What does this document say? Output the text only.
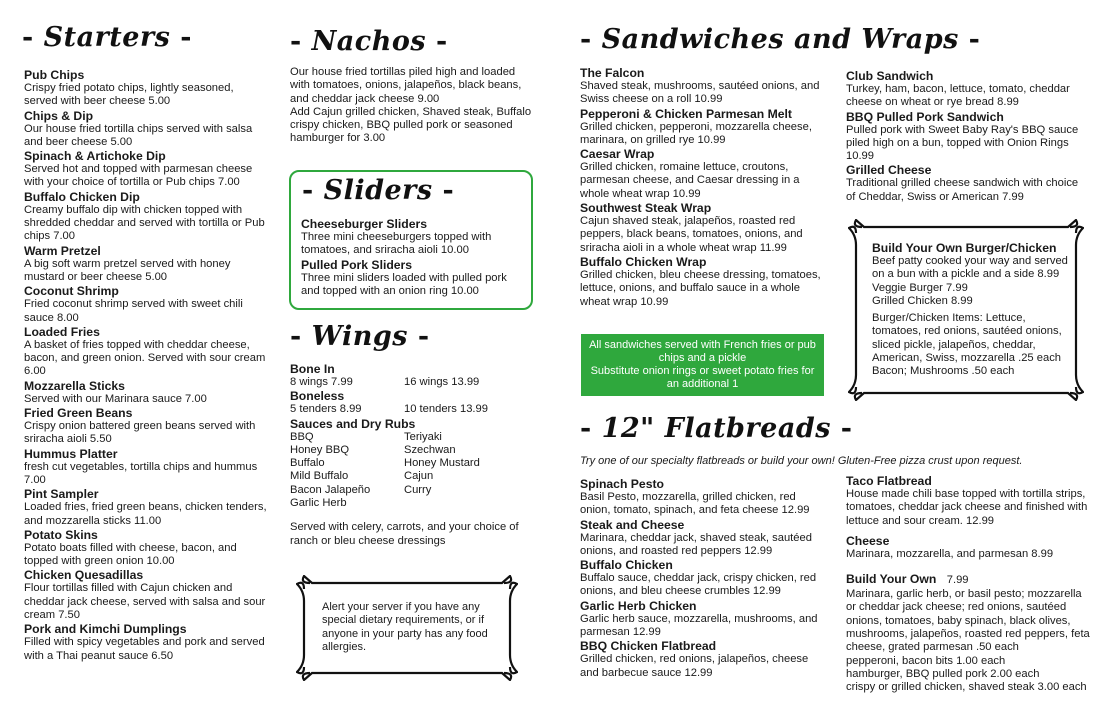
- Starters -
Pub Chips
Crispy fried potato chips, lightly seasoned, served with beer cheese 5.00
Chips & Dip
Our house fried tortilla chips served with salsa and beer cheese 5.00
Spinach & Artichoke Dip
Served hot and topped with parmesan cheese with your choice of tortilla or Pub chips 7.00
Buffalo Chicken Dip
Creamy buffalo dip with chicken topped with shredded cheddar and served with tortilla or Pub chips 7.00
Warm Pretzel
A big soft warm pretzel served with honey mustard or beer cheese 5.00
Coconut Shrimp
Fried coconut shrimp served with sweet chili sauce 8.00
Loaded Fries
A basket of fries topped with cheddar cheese, bacon, and green onion. Served with sour cream 6.00
Mozzarella Sticks
Served with our Marinara sauce 7.00
Fried Green Beans
Crispy onion battered green beans served with sriracha aioli 5.50
Hummus Platter
fresh cut vegetables, tortilla chips and hummus 7.00
Pint Sampler
Loaded fries, fried green beans, chicken tenders, and mozzarella sticks 11.00
Potato Skins
Potato boats filled with cheese, bacon, and topped with green onion 10.00
Chicken Quesadillas
Flour tortillas filled with Cajun chicken and cheddar jack cheese, served with salsa and sour cream 7.50
Pork and Kimchi Dumplings
Filled with spicy vegetables and pork and served with a Thai peanut sauce 6.50
- Nachos -
Our house fried tortillas piled high and loaded with tomatoes, onions, jalapeños, black beans, and cheddar jack cheese 9.00
Add Cajun grilled chicken, Shaved steak, Buffalo crispy chicken, BBQ pulled pork or seasoned hamburger for 3.00
- Sliders -
Cheeseburger Sliders
Three mini cheeseburgers topped with tomatoes, and sriracha aioli 10.00
Pulled Pork Sliders
Three mini sliders loaded with pulled pork and topped with an onion ring 10.00
- Wings -
Bone In
8 wings 7.99	16 wings 13.99
Boneless
5 tenders 8.99	10 tenders 13.99
Sauces and Dry Rubs
BBQ
Honey BBQ
Buffalo
Mild Buffalo
Bacon Jalapeño
Garlic Herb
Teriyaki
Szechwan
Honey Mustard
Cajun
Curry
Served with celery, carrots, and your choice of ranch or bleu cheese dressings
Alert your server if you have any special dietary requirements, or if anyone in your party has any food allergies.
- Sandwiches and Wraps -
The Falcon
Shaved steak, mushrooms, sautéed onions, and Swiss cheese on a roll 10.99
Pepperoni & Chicken Parmesan Melt
Grilled chicken, pepperoni, mozzarella cheese, marinara, on grilled rye 10.99
Caesar Wrap
Grilled chicken, romaine lettuce, croutons, parmesan cheese, and Caesar dressing in a whole wheat wrap 10.99
Southwest Steak Wrap
Cajun shaved steak, jalapeños, roasted red peppers, black beans, tomatoes, onions, and sriracha aioli in a whole wheat wrap 11.99
Buffalo Chicken Wrap
Grilled chicken, bleu cheese dressing, tomatoes, lettuce, onions, and buffalo sauce in a whole wheat wrap 10.99
Club Sandwich
Turkey, ham, bacon, lettuce, tomato, cheddar cheese on wheat or rye bread 8.99
BBQ Pulled Pork Sandwich
Pulled pork with Sweet Baby Ray's BBQ sauce piled high on a bun, topped with Onion Rings 10.99
Grilled Cheese
Traditional grilled cheese sandwich with choice of Cheddar, Swiss or American 7.99
All sandwiches served with French fries or pub chips and a pickle
Substitute onion rings or sweet potato fries for an additional 1
Build Your Own Burger/Chicken
Beef patty cooked your way and served on a bun with a pickle and a side 8.99
Veggie Burger 7.99
Grilled Chicken 8.99
Burger/Chicken Items: Lettuce, tomatoes, red onions, sautéed onions, sliced pickle, jalapeños, cheddar, American, Swiss, mozzarella .25 each
Bacon; Mushrooms .50 each
- 12" Flatbreads -
Try one of our specialty flatbreads or build your own! Gluten-Free pizza crust upon request.
Spinach Pesto
Basil Pesto, mozzarella, grilled chicken, red onion, tomato, spinach, and feta cheese 12.99
Steak and Cheese
Marinara, cheddar jack, shaved steak, sautéed onions, and roasted red peppers 12.99
Buffalo Chicken
Buffalo sauce, cheddar jack, crispy chicken, red onions, and bleu cheese crumbles 12.99
Garlic Herb Chicken
Garlic herb sauce, mozzarella, mushrooms, and parmesan 12.99
BBQ Chicken Flatbread
Grilled chicken, red onions, jalapeños, cheese and barbecue sauce 12.99
Taco Flatbread
House made chili base topped with tortilla strips, tomatoes, cheddar jack cheese and finished with lettuce and sour cream. 12.99
Cheese
Marinara, mozzarella, and parmesan 8.99
Build Your Own 7.99
Marinara, garlic herb, or basil pesto; mozzarella or cheddar jack cheese; red onions, sautéed onions, tomatoes, baby spinach, black olives, mushrooms, jalapeños, roasted red peppers, feta cheese, grated parmesan .50 each
pepperoni, bacon bits 1.00 each
hamburger, BBQ pulled pork 2.00 each
crispy or grilled chicken, shaved steak 3.00 each
